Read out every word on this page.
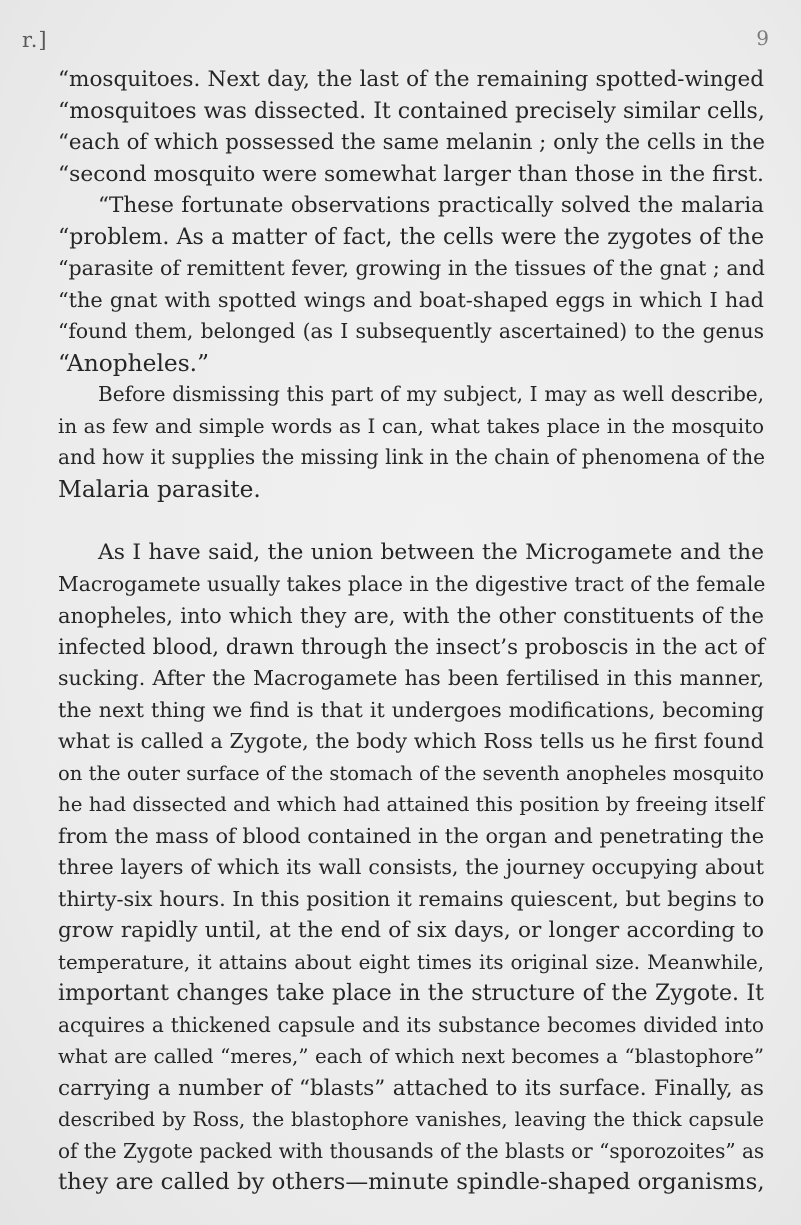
r.]	9
“mosquitoes. Next day, the last of the remaining spotted-winged
“mosquitoes was dissected. It contained precisely similar cells,
“each of which possessed the same melanin ; only the cells in the
“second mosquito were somewhat larger than those in the first.
“These fortunate observations practically solved the malaria
“problem. As a matter of fact, the cells were the zygotes of the
“parasite of remittent fever, growing in the tissues of the gnat ; and
“the gnat with spotted wings and boat-shaped eggs in which I had
“found them, belonged (as I subsequently ascertained) to the genus
“Anopheles.”
Before dismissing this part of my subject, I may as well describe,
in as few and simple words as I can, what takes place in the mosquito
and how it supplies the missing link in the chain of phenomena of the
Malaria parasite.
As I have said, the union between the Microgamete and the
Macrogamete usually takes place in the digestive tract of the female
anopheles, into which they are, with the other constituents of the
infected blood, drawn through the insect’s proboscis in the act of
sucking. After the Macrogamete has been fertilised in this manner,
the next thing we find is that it undergoes modifications, becoming
what is called a Zygote, the body which Ross tells us he first found
on the outer surface of the stomach of the seventh anopheles mosquito
he had dissected and which had attained this position by freeing itself
from the mass of blood contained in the organ and penetrating the
three layers of which its wall consists, the journey occupying about
thirty-six hours. In this position it remains quiescent, but begins to
grow rapidly until, at the end of six days, or longer according to
temperature, it attains about eight times its original size. Meanwhile,
important changes take place in the structure of the Zygote. It
acquires a thickened capsule and its substance becomes divided into
what are called “meres,” each of which next becomes a “blastophore”
carrying a number of “blasts” attached to its surface. Finally, as
described by Ross, the blastophore vanishes, leaving the thick capsule
of the Zygote packed with thousands of the blasts or “sporozoites” as
they are called by others—minute spindle-shaped organisms,
